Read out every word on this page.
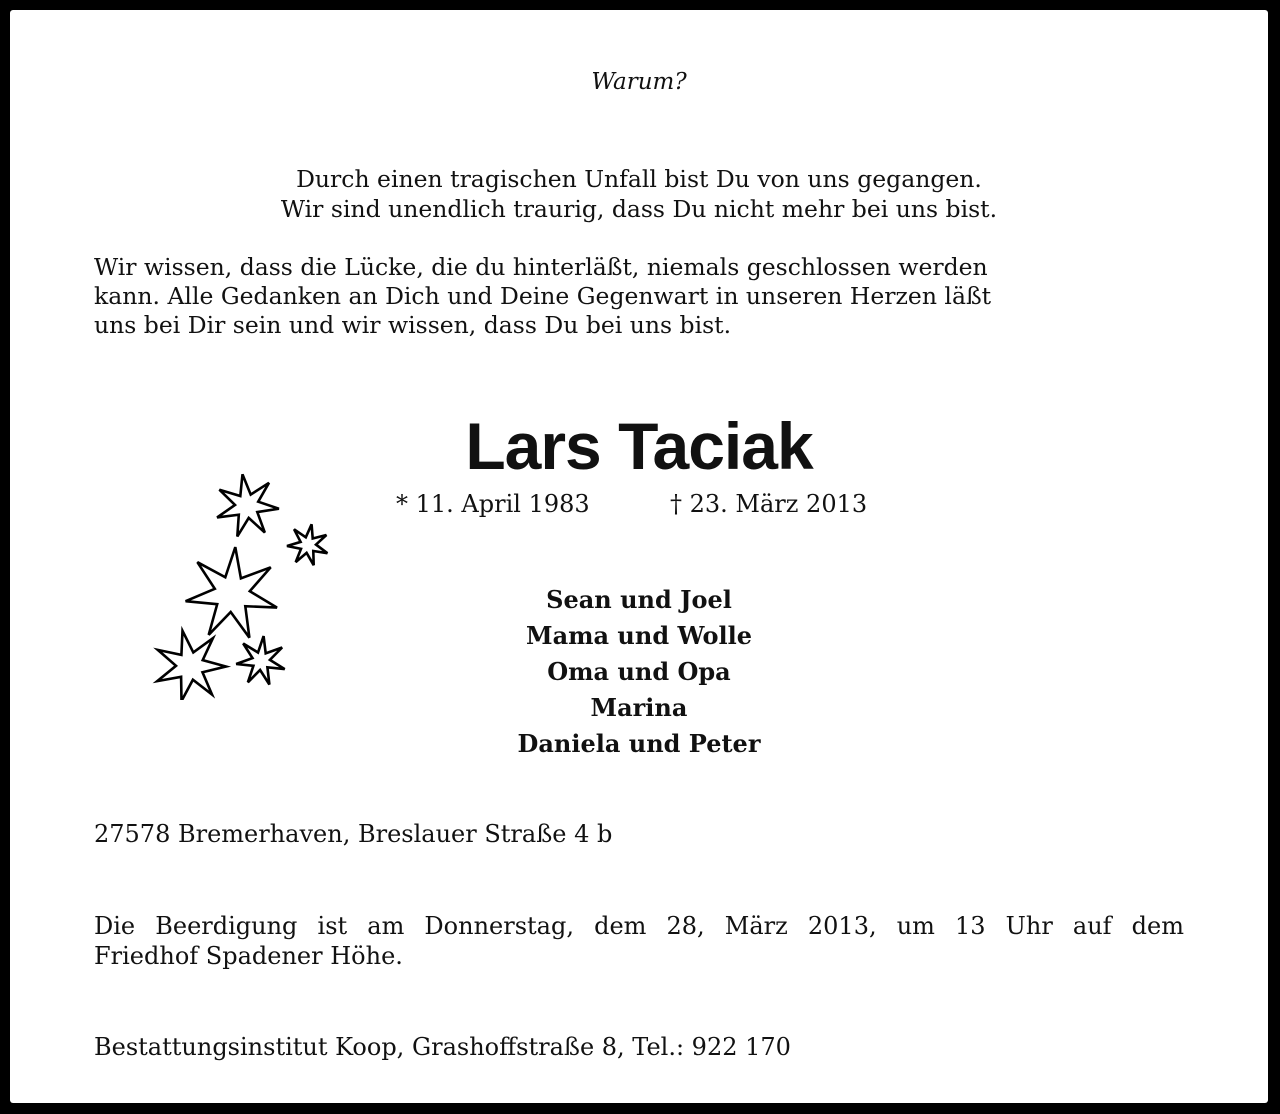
Warum?

Durch einen tragischen Unfall bist Du von uns gegangen.
Wir sind unendlich traurig, dass Du nicht mehr bei uns bist.

Wir wissen, dass die Lücke, die du hinterläßt, niemals geschlossen werden
kann. Alle Gedanken an Dich und Deine Gegenwart in unseren Herzen läßt
uns bei Dir sein und wir wissen, dass Du bei uns bist.

Lars Taciak

* 11. April 1983	† 23. März 2013

Sean und Joel
Mama und Wolle
Oma und Opa
Marina
Daniela und Peter

27578 Bremerhaven, Breslauer Straße 4 b

Die Beerdigung ist am Donnerstag, dem 28, März 2013, um 13 Uhr auf dem
Friedhof Spadener Höhe.

Bestattungsinstitut Koop, Grashoffstraße 8, Tel.: 922 170
